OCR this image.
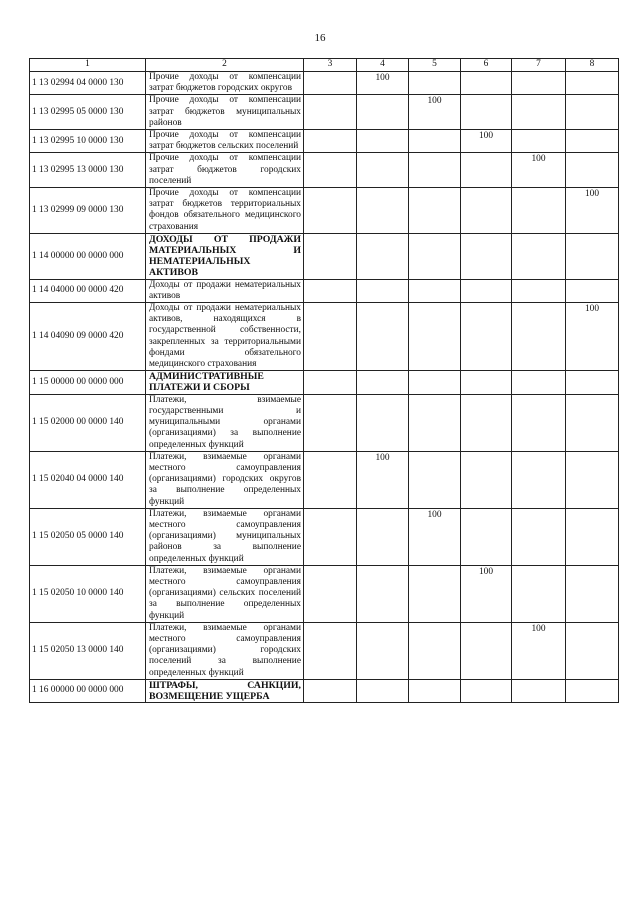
16
1	2	3	4	5	6	7	8
1 13 02994 04 0000 130	Прочие доходы от компенсации затрат бюджетов городских округов		100				
1 13 02995 05 0000 130	Прочие доходы от компенсации затрат бюджетов муниципальных районов			100			
1 13 02995 10 0000 130	Прочие доходы от компенсации затрат бюджетов сельских поселений				100		
1 13 02995 13 0000 130	Прочие доходы от компенсации затрат бюджетов городских поселений					100	
1 13 02999 09 0000 130	Прочие доходы от компенсации затрат бюджетов территориальных фондов обязательного медицинского страхования						100
1 14 00000 00 0000 000	ДОХОДЫ ОТ ПРОДАЖИ МАТЕРИАЛЬНЫХ И НЕМАТЕРИАЛЬНЫХ АКТИВОВ						
1 14 04000 00 0000 420	Доходы от продажи нематериальных активов						
1 14 04090 09 0000 420	Доходы от продажи нематериальных активов, находящихся в государственной собственности, закрепленных за территориальными фондами обязательного медицинского страхования						100
1 15 00000 00 0000 000	АДМИНИСТРАТИВНЫЕ ПЛАТЕЖИ И СБОРЫ						
1 15 02000 00 0000 140	Платежи, взимаемые государственными и муниципальными органами (организациями) за выполнение определенных функций						
1 15 02040 04 0000 140	Платежи, взимаемые органами местного самоуправления (организациями) городских округов за выполнение определенных функций		100				
1 15 02050 05 0000 140	Платежи, взимаемые органами местного самоуправления (организациями) муниципальных районов за выполнение определенных функций			100			
1 15 02050 10 0000 140	Платежи, взимаемые органами местного самоуправления (организациями) сельских поселений за выполнение определенных функций				100		
1 15 02050 13 0000 140	Платежи, взимаемые органами местного самоуправления (организациями) городских поселений за выполнение определенных функций					100	
1 16 00000 00 0000 000	ШТРАФЫ, САНКЦИИ, ВОЗМЕЩЕНИЕ УЩЕРБА						
